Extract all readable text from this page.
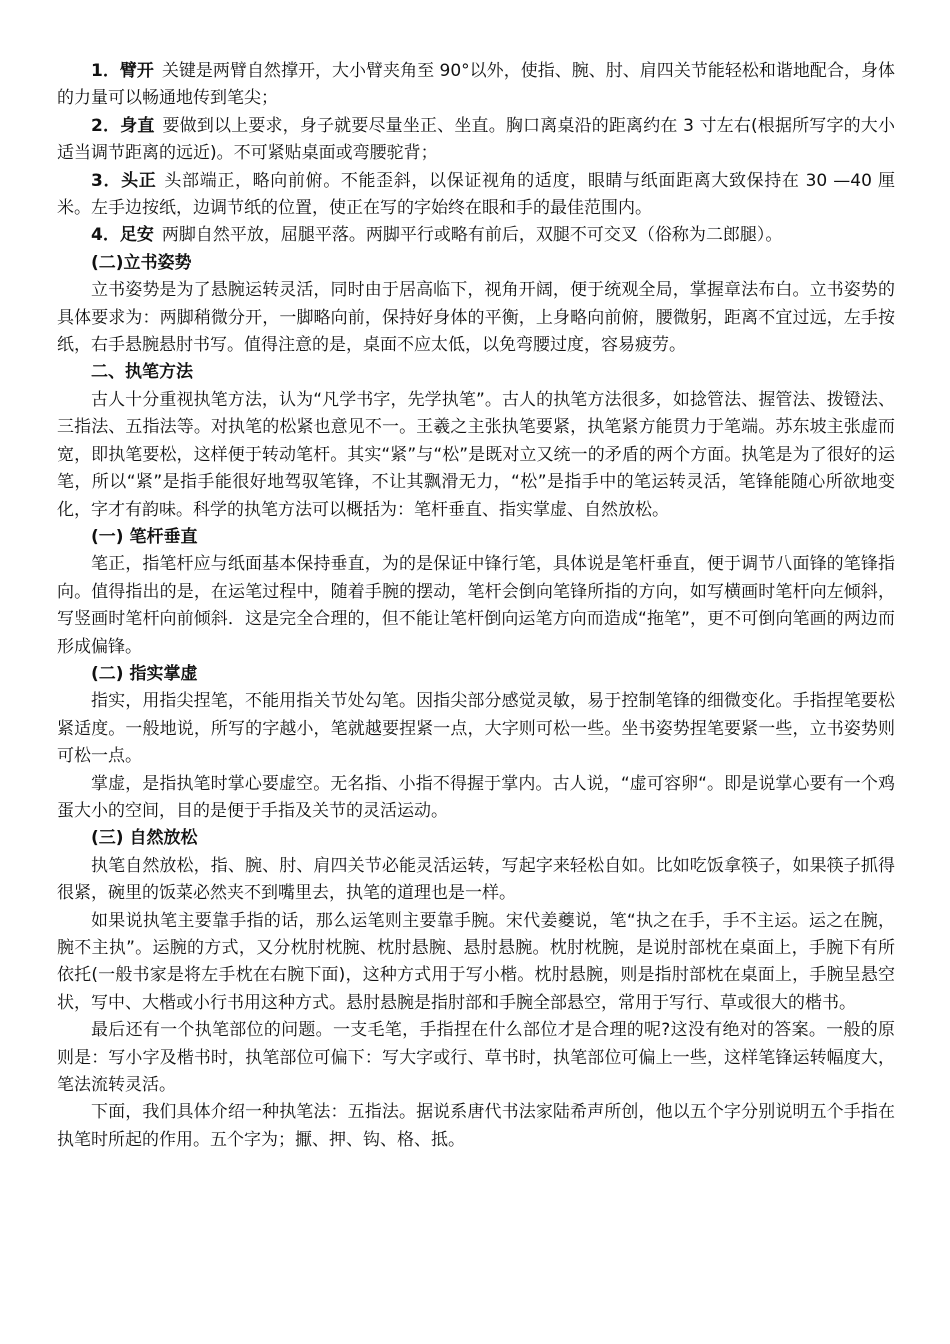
1．臂开 关键是两臂自然撑开，大小臂夹角至 90°以外，使指、腕、肘、肩四关节能轻松和谐地配合，身体的力量可以畅通地传到笔尖；

2．身直 要做到以上要求，身子就要尽量坐正、坐直。胸口离桌沿的距离约在 3 寸左右(根据所写字的大小适当调节距离的远近)。不可紧贴桌面或弯腰驼背；

3．头正 头部端正，略向前俯。不能歪斜，以保证视角的适度，眼睛与纸面距离大致保持在 30 —40 厘米。左手边按纸，边调节纸的位置，使正在写的字始终在眼和手的最佳范围内。

4．足安 两脚自然平放，屈腿平落。两脚平行或略有前后，双腿不可交叉（俗称为二郎腿）。

(二)立书姿势

立书姿势是为了悬腕运转灵活，同时由于居高临下，视角开阔，便于统观全局，掌握章法布白。立书姿势的具体要求为：两脚稍微分开，一脚略向前，保持好身体的平衡，上身略向前俯，腰微躬，距离不宜过远，左手按纸，右手悬腕悬肘书写。值得注意的是，桌面不应太低，以免弯腰过度，容易疲劳。

二、执笔方法

古人十分重视执笔方法，认为“凡学书字，先学执笔”。古人的执笔方法很多，如捻管法、握管法、拨镫法、三指法、五指法等。对执笔的松紧也意见不一。王羲之主张执笔要紧，执笔紧方能贯力于笔端。苏东坡主张虚而宽，即执笔要松，这样便于转动笔杆。其实“紧”与“松”是既对立又统一的矛盾的两个方面。执笔是为了很好的运笔，所以“紧”是指手能很好地驾驭笔锋，不让其飘滑无力，“松”是指手中的笔运转灵活，笔锋能随心所欲地变化，字才有韵味。科学的执笔方法可以概括为：笔杆垂直、指实掌虚、自然放松。

(一) 笔杆垂直

笔正，指笔杆应与纸面基本保持垂直，为的是保证中锋行笔，具体说是笔杆垂直，便于调节八面锋的笔锋指向。值得指出的是，在运笔过程中，随着手腕的摆动，笔杆会倒向笔锋所指的方向，如写横画时笔杆向左倾斜，写竖画时笔杆向前倾斜．这是完全合理的，但不能让笔杆倒向运笔方向而造成“拖笔”，更不可倒向笔画的两边而形成偏锋。

(二) 指实掌虚

指实，用指尖捏笔，不能用指关节处勾笔。因指尖部分感觉灵敏，易于控制笔锋的细微变化。手指捏笔要松紧适度。一般地说，所写的字越小，笔就越要捏紧一点，大字则可松一些。坐书姿势捏笔要紧一些，立书姿势则可松一点。

掌虚，是指执笔时掌心要虚空。无名指、小指不得握于掌内。古人说，“虚可容卵“。即是说掌心要有一个鸡蛋大小的空间，目的是便于手指及关节的灵活运动。

(三) 自然放松

执笔自然放松，指、腕、肘、肩四关节必能灵活运转，写起字来轻松自如。比如吃饭拿筷子，如果筷子抓得很紧，碗里的饭菜必然夹不到嘴里去，执笔的道理也是一样。

如果说执笔主要靠手指的话，那么运笔则主要靠手腕。宋代姜夔说，笔“执之在手，手不主运。运之在腕，腕不主执”。运腕的方式，又分枕肘枕腕、枕肘悬腕、悬肘悬腕。枕肘枕腕，是说肘部枕在桌面上，手腕下有所依托(一般书家是将左手枕在右腕下面)，这种方式用于写小楷。枕肘悬腕，则是指肘部枕在桌面上，手腕呈悬空状，写中、大楷或小行书用这种方式。悬肘悬腕是指肘部和手腕全部悬空，常用于写行、草或很大的楷书。

最后还有一个执笔部位的问题。一支毛笔，手指捏在什么部位才是合理的呢?这没有绝对的答案。一般的原则是：写小字及楷书时，执笔部位可偏下：写大字或行、草书时，执笔部位可偏上一些，这样笔锋运转幅度大，笔法流转灵活。

下面，我们具体介绍一种执笔法：五指法。据说系唐代书法家陆希声所创，他以五个字分别说明五个手指在执笔时所起的作用。五个字为；擫、押、钩、格、抵。
